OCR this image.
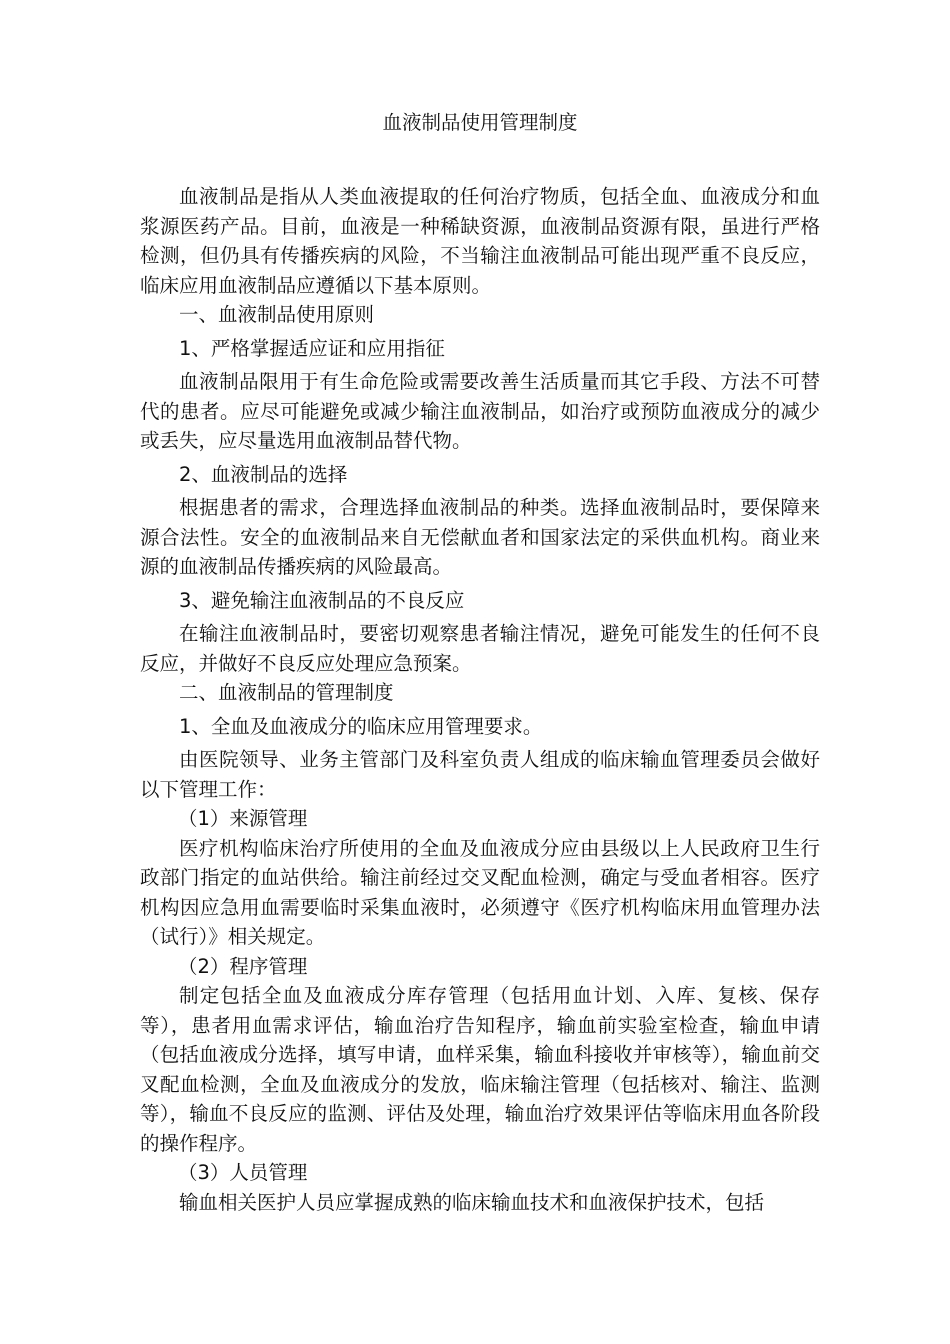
血液制品使用管理制度
血液制品是指从人类血液提取的任何治疗物质，包括全血、血液成分和血浆源医药产品。目前，血液是一种稀缺资源，血液制品资源有限，虽进行严格检测，但仍具有传播疾病的风险，不当输注血液制品可能出现严重不良反应，临床应用血液制品应遵循以下基本原则。
一、血液制品使用原则
1、严格掌握适应证和应用指征
血液制品限用于有生命危险或需要改善生活质量而其它手段、方法不可替代的患者。应尽可能避免或减少输注血液制品，如治疗或预防血液成分的减少或丢失，应尽量选用血液制品替代物。
2、血液制品的选择
根据患者的需求，合理选择血液制品的种类。选择血液制品时，要保障来源合法性。安全的血液制品来自无偿献血者和国家法定的采供血机构。商业来源的血液制品传播疾病的风险最高。
3、避免输注血液制品的不良反应
在输注血液制品时，要密切观察患者输注情况，避免可能发生的任何不良反应，并做好不良反应处理应急预案。
二、血液制品的管理制度
1、全血及血液成分的临床应用管理要求。
由医院领导、业务主管部门及科室负责人组成的临床输血管理委员会做好以下管理工作：
（1）来源管理
医疗机构临床治疗所使用的全血及血液成分应由县级以上人民政府卫生行政部门指定的血站供给。输注前经过交叉配血检测，确定与受血者相容。医疗机构因应急用血需要临时采集血液时，必须遵守《医疗机构临床用血管理办法（试行）》相关规定。
（2）程序管理
制定包括全血及血液成分库存管理（包括用血计划、入库、复核、保存等），患者用血需求评估，输血治疗告知程序，输血前实验室检查，输血申请（包括血液成分选择，填写申请，血样采集，输血科接收并审核等），输血前交叉配血检测，全血及血液成分的发放，临床输注管理（包括核对、输注、监测等），输血不良反应的监测、评估及处理，输血治疗效果评估等临床用血各阶段的操作程序。
（3）人员管理
输血相关医护人员应掌握成熟的临床输血技术和血液保护技术，包括
